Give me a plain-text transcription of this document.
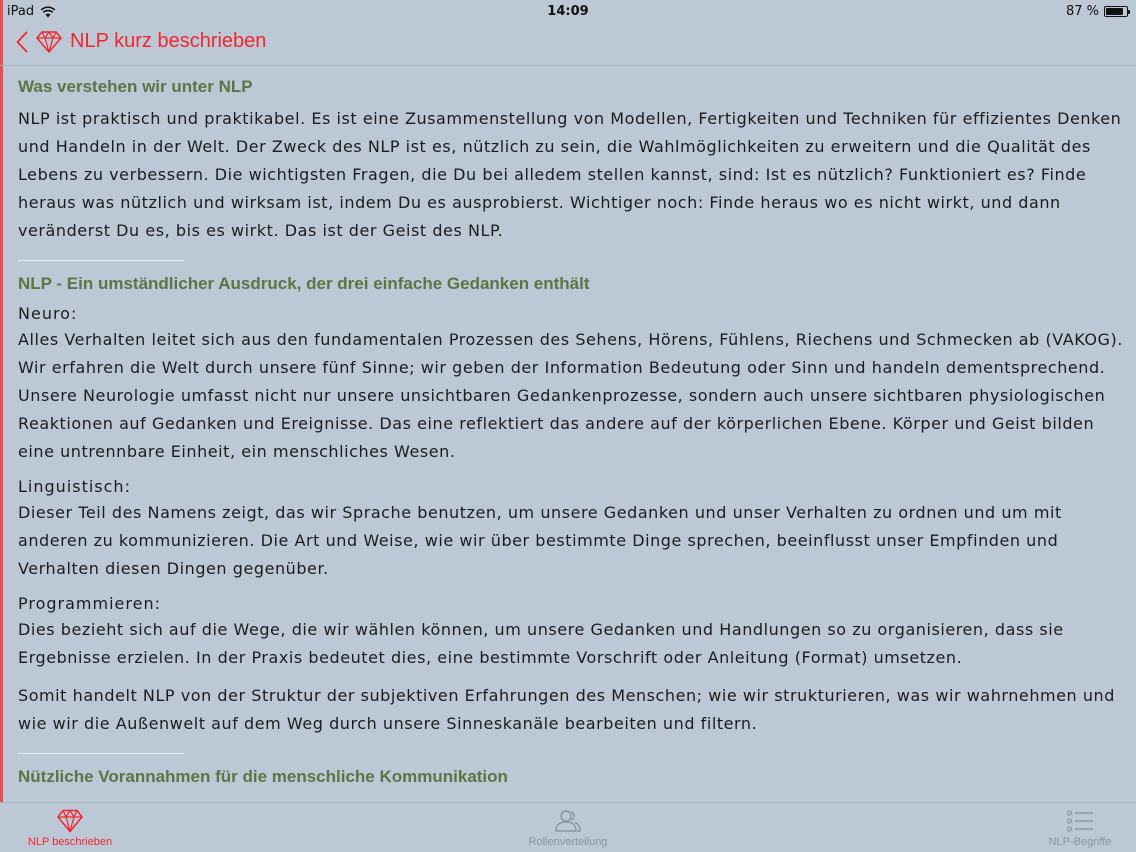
iPad	14:09	87 %
NLP kurz beschrieben
Was verstehen wir unter NLP
NLP ist praktisch und praktikabel. Es ist eine Zusammenstellung von Modellen, Fertigkeiten und Techniken für effizientes Denken und Handeln in der Welt. Der Zweck des NLP ist es, nützlich zu sein, die Wahlmöglichkeiten zu erweitern und die Qualität des Lebens zu verbessern. Die wichtigsten Fragen, die Du bei alledem stellen kannst, sind: Ist es nützlich? Funktioniert es? Finde heraus was nützlich und wirksam ist, indem Du es ausprobierst. Wichtiger noch: Finde heraus wo es nicht wirkt, und dann veränderst Du es, bis es wirkt. Das ist der Geist des NLP.
NLP - Ein umständlicher Ausdruck, der drei einfache Gedanken enthält
Neuro:
Alles Verhalten leitet sich aus den fundamentalen Prozessen des Sehens, Hörens, Fühlens, Riechens und Schmecken ab (VAKOG). Wir erfahren die Welt durch unsere fünf Sinne; wir geben der Information Bedeutung oder Sinn und handeln dementsprechend. Unsere Neurologie umfasst nicht nur unsere unsichtbaren Gedankenprozesse, sondern auch unsere sichtbaren physiologischen Reaktionen auf Gedanken und Ereignisse. Das eine reflektiert das andere auf der körperlichen Ebene. Körper und Geist bilden eine untrennbare Einheit, ein menschliches Wesen.
Linguistisch:
Dieser Teil des Namens zeigt, das wir Sprache benutzen, um unsere Gedanken und unser Verhalten zu ordnen und um mit anderen zu kommunizieren. Die Art und Weise, wie wir über bestimmte Dinge sprechen, beeinflusst unser Empfinden und Verhalten diesen Dingen gegenüber.
Programmieren:
Dies bezieht sich auf die Wege, die wir wählen können, um unsere Gedanken und Handlungen so zu organisieren, dass sie Ergebnisse erzielen. In der Praxis bedeutet dies, eine bestimmte Vorschrift oder Anleitung (Format) umsetzen.
Somit handelt NLP von der Struktur der subjektiven Erfahrungen des Menschen; wie wir strukturieren, was wir wahrnehmen und wie wir die Außenwelt auf dem Weg durch unsere Sinneskanäle bearbeiten und filtern.
Nützliche Vorannahmen für die menschliche Kommunikation
NLP beschrieben	Rollenverteilung	NLP-Begriffe
